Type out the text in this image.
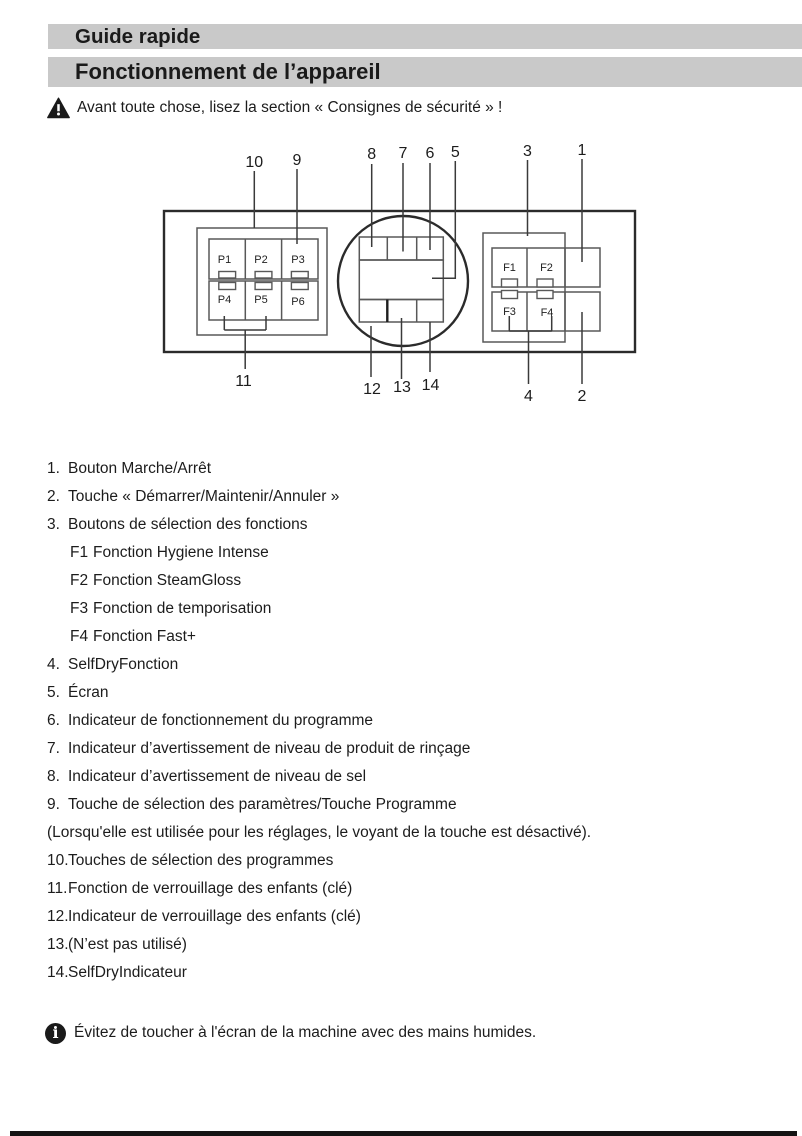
Guide rapide
Fonctionnement de l’appareil
Avant toute chose, lisez la section « Consignes de sécurité » !
P1 P2 P3
P4 P5 P6
F1 F2
F3 F4
10 9	8 7 6 5	3	1
11	12 13 14
4	2
1. Bouton Marche/Arrêt
2. Touche « Démarrer/Maintenir/Annuler »
3. Boutons de sélection des fonctions
F1 Fonction Hygiene Intense
F2 Fonction SteamGloss
F3 Fonction de temporisation
F4 Fonction Fast+
4. SelfDryFonction
5. Écran
6. Indicateur de fonctionnement du programme
7. Indicateur d’avertissement de niveau de produit de rinçage
8. Indicateur d’avertissement de niveau de sel
9. Touche de sélection des paramètres/Touche Programme
(Lorsqu'elle est utilisée pour les réglages, le voyant de la touche est désactivé).
10. Touches de sélection des programmes
11. Fonction de verrouillage des enfants (clé)
12. Indicateur de verrouillage des enfants (clé)
13. (N’est pas utilisé)
14. SelfDryIndicateur
i Évitez de toucher à l'écran de la machine avec des mains humides.
